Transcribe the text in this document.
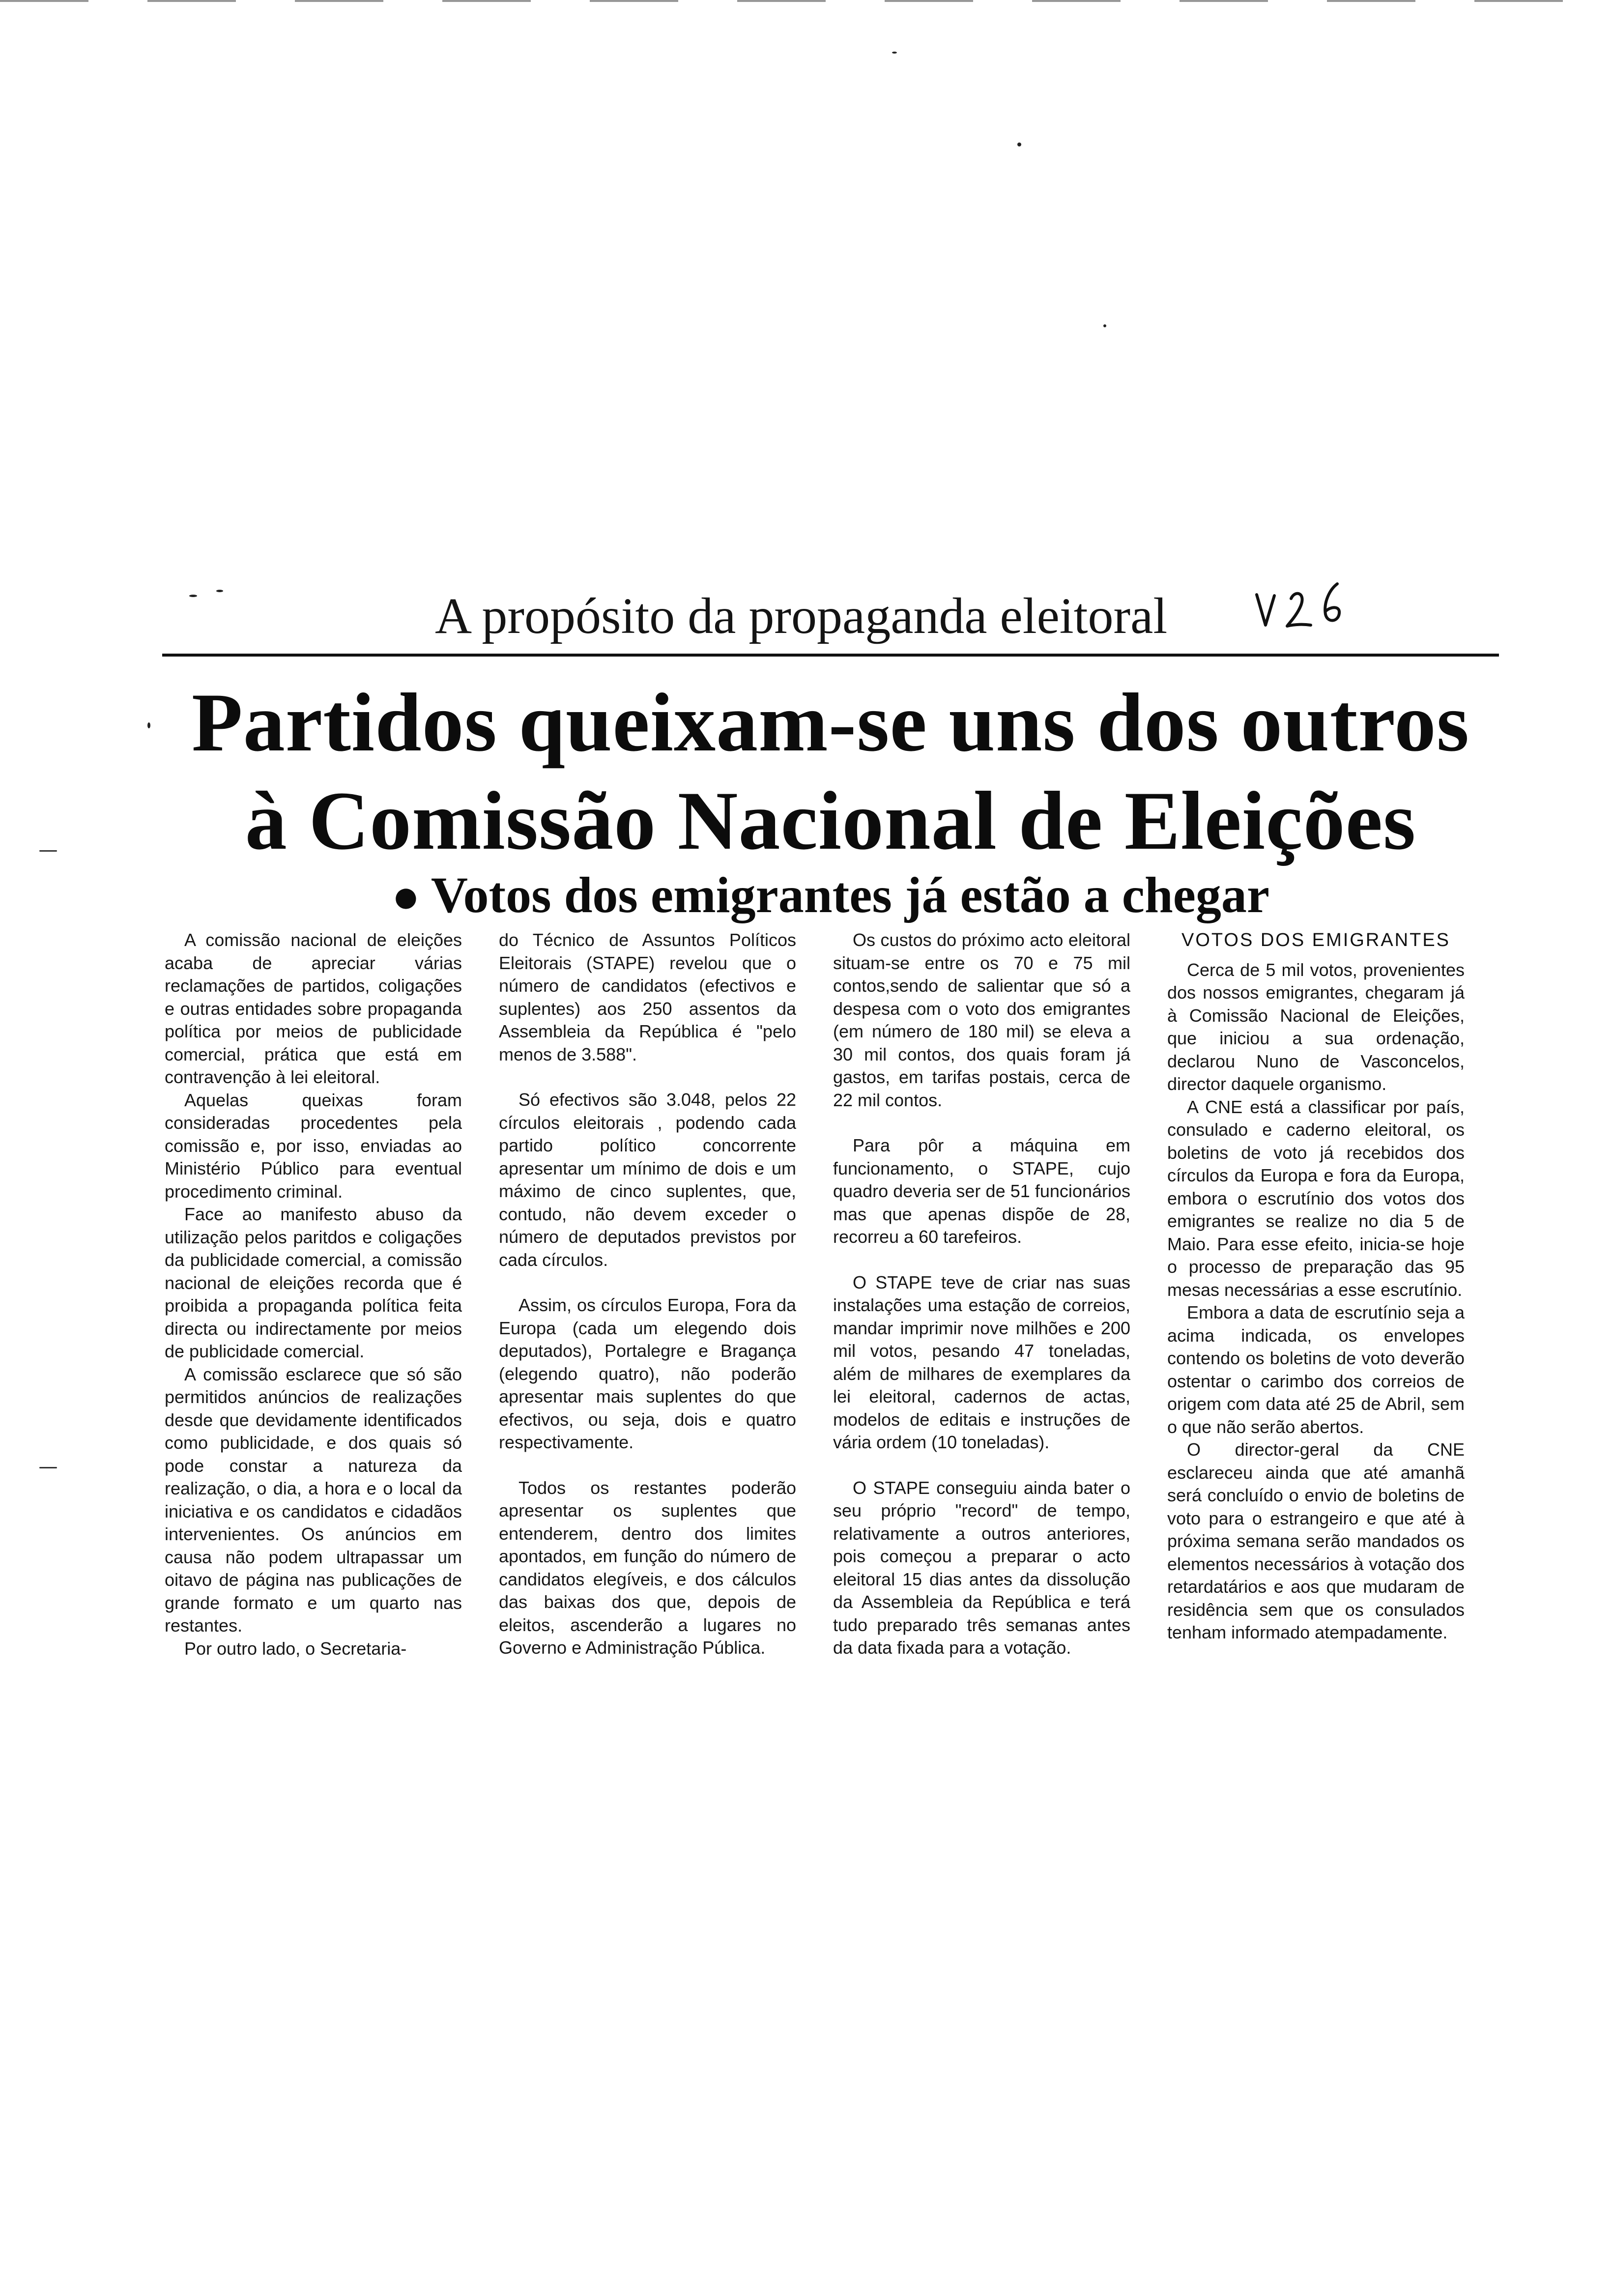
A propósito da propaganda eleitoral
Partidos queixam-se uns dos outros
à Comissão Nacional de Eleições
● Votos dos emigrantes já estão a chegar

A comissão nacional de eleições acaba de apreciar várias reclamações de partidos, coligações e outras entidades sobre propaganda política por meios de publicidade comercial, prática que está em contravenção à lei eleitoral.

Aquelas queixas foram consideradas procedentes pela comissão e, por isso, enviadas ao Ministério Público para eventual procedimento criminal.

Face ao manifesto abuso da utilização pelos paritdos e coligações da publicidade comercial, a comissão nacional de eleições recorda que é proibida a propaganda política feita directa ou indirectamente por meios de publicidade comercial.

A comissão esclarece que só são permitidos anúncios de realizações desde que devidamente identificados como publicidade, e dos quais só pode constar a natureza da realização, o dia, a hora e o local da iniciativa e os candidatos e cidadãos intervenientes. Os anúncios em causa não podem ultrapassar um oitavo de página nas publicações de grande formato e um quarto nas restantes.

Por outro lado, o Secretaria-

do Técnico de Assuntos Políticos Eleitorais (STAPE) revelou que o número de candidatos (efectivos e suplentes) aos 250 assentos da Assembleia da República é "pelo menos de 3.588".

Só efectivos são 3.048, pelos 22 círculos eleitorais , podendo cada partido político concorrente apresentar um mínimo de dois e um máximo de cinco suplentes, que, contudo, não devem exceder o número de deputados previstos por cada círculos.

Assim, os círculos Europa, Fora da Europa (cada um elegendo dois deputados), Portalegre e Bragança (elegendo quatro), não poderão apresentar mais suplentes do que efectivos, ou seja, dois e quatro respectivamente.

Todos os restantes poderão apresentar os suplentes que entenderem, dentro dos limites apontados, em função do número de candidatos elegíveis, e dos cálculos das baixas dos que, depois de eleitos, ascenderão a lugares no Governo e Administração Pública.

Os custos do próximo acto eleitoral situam-se entre os 70 e 75 mil contos,sendo de salientar que só a despesa com o voto dos emigrantes (em número de 180 mil) se eleva a 30 mil contos, dos quais foram já gastos, em tarifas postais, cerca de 22 mil contos.

Para pôr a máquina em funcionamento, o STAPE, cujo quadro deveria ser de 51 funcionários mas que apenas dispõe de 28, recorreu a 60 tarefeiros.

O STAPE teve de criar nas suas instalações uma estação de correios, mandar imprimir nove milhões e 200 mil votos, pesando 47 toneladas, além de milhares de exemplares da lei eleitoral, cadernos de actas, modelos de editais e instruções de vária ordem (10 toneladas).

O STAPE conseguiu ainda bater o seu próprio "record" de tempo, relativamente a outros anteriores, pois começou a preparar o acto eleitoral 15 dias antes da dissolução da Assembleia da República e terá tudo preparado três semanas antes da data fixada para a votação.

VOTOS DOS EMIGRANTES

Cerca de 5 mil votos, provenientes dos nossos emigrantes, chegaram já à Comissão Nacional de Eleições, que iniciou a sua ordenação, declarou Nuno de Vasconcelos, director daquele organismo.

A CNE está a classificar por país, consulado e caderno eleitoral, os boletins de voto já recebidos dos círculos da Europa e fora da Europa, embora o escrutínio dos votos dos emigrantes se realize no dia 5 de Maio. Para esse efeito, inicia-se hoje o processo de preparação das 95 mesas necessárias a esse escrutínio.

Embora a data de escrutínio seja a acima indicada, os envelopes contendo os boletins de voto deverão ostentar o carimbo dos correios de origem com data até 25 de Abril, sem o que não serão abertos.

O director-geral da CNE esclareceu ainda que até amanhã será concluído o envio de boletins de voto para o estrangeiro e que até à próxima semana serão mandados os elementos necessários à votação dos retardatários e aos que mudaram de residência sem que os consulados tenham informado atempadamente.
